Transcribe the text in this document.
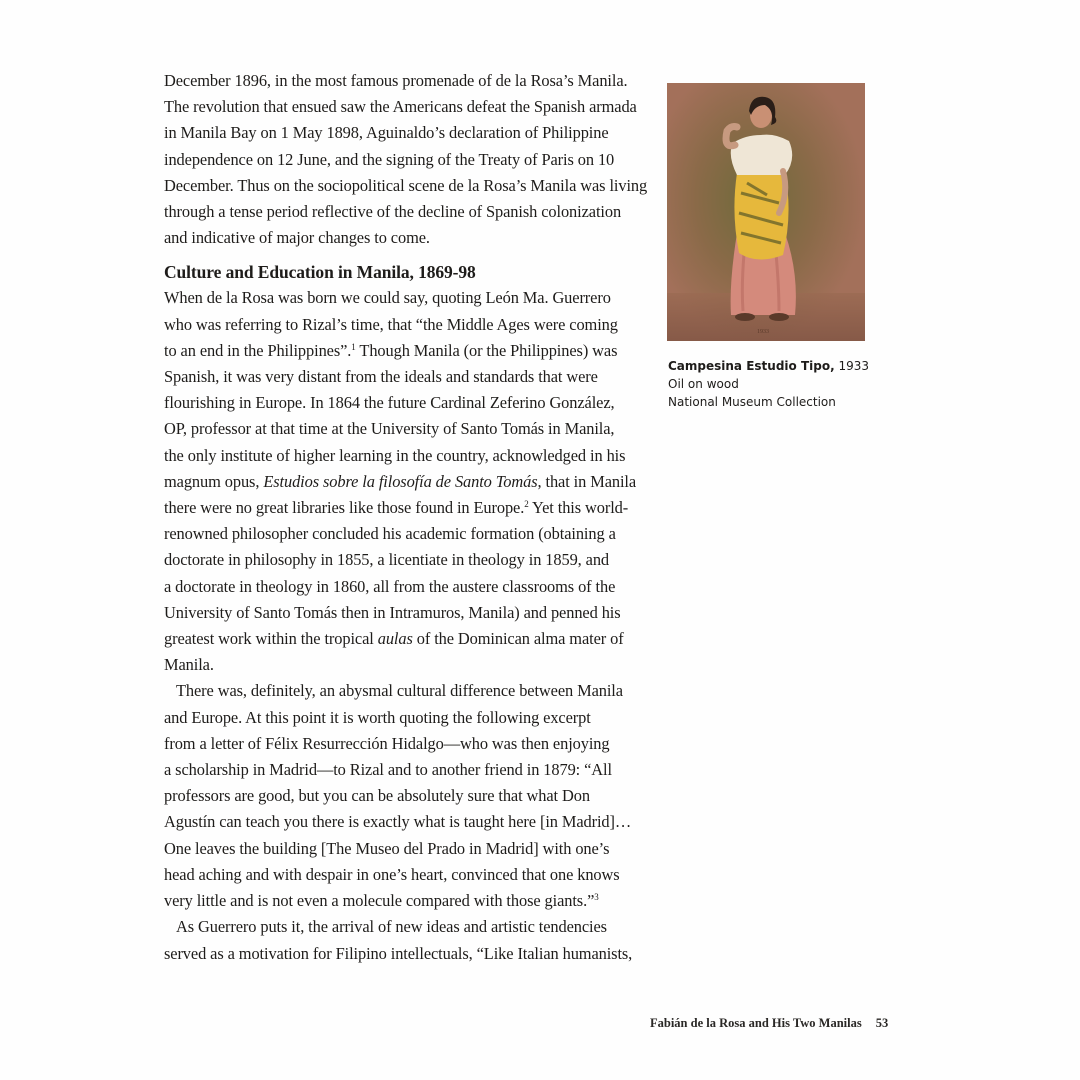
December 1896, in the most famous promenade of de la Rosa’s Manila.
The revolution that ensued saw the Americans defeat the Spanish armada
in Manila Bay on 1 May 1898, Aguinaldo’s declaration of Philippine
independence on 12 June, and the signing of the Treaty of Paris on 10
December. Thus on the sociopolitical scene de la Rosa’s Manila was living
through a tense period reflective of the decline of Spanish colonization
and indicative of major changes to come.
Culture and Education in Manila, 1869-98
When de la Rosa was born we could say, quoting León Ma. Guerrero
who was referring to Rizal’s time, that “the Middle Ages were coming
to an end in the Philippines”.$^1$ Though Manila (or the Philippines) was
Spanish, it was very distant from the ideals and standards that were
flourishing in Europe. In 1864 the future Cardinal Zeferino González,
OP, professor at that time at the University of Santo Tomás in Manila,
the only institute of higher learning in the country, acknowledged in his
magnum opus, Estudios sobre la filosofía de Santo Tomás, that in Manila
there were no great libraries like those found in Europe.$^2$ Yet this world-
renowned philosopher concluded his academic formation (obtaining a
doctorate in philosophy in 1855, a licentiate in theology in 1859, and
a doctorate in theology in 1860, all from the austere classrooms of the
University of Santo Tomás then in Intramuros, Manila) and penned his
greatest work within the tropical aulas of the Dominican alma mater of
Manila.
There was, definitely, an abysmal cultural difference between Manila
and Europe. At this point it is worth quoting the following excerpt
from a letter of Félix Resurrección Hidalgo—who was then enjoying
a scholarship in Madrid—to Rizal and to another friend in 1879: “All
professors are good, but you can be absolutely sure that what Don
Agustín can teach you there is exactly what is taught here [in Madrid]…
One leaves the building [The Museo del Prado in Madrid] with one’s
head aching and with despair in one’s heart, convinced that one knows
very little and is not even a molecule compared with those giants.”$^3$
As Guerrero puts it, the arrival of new ideas and artistic tendencies
served as a motivation for Filipino intellectuals, “Like Italian humanists,
1933
Campesina Estudio Tipo, 1933
Oil on wood
National Museum Collection
Fabián de la Rosa and His Two Manilas 53
